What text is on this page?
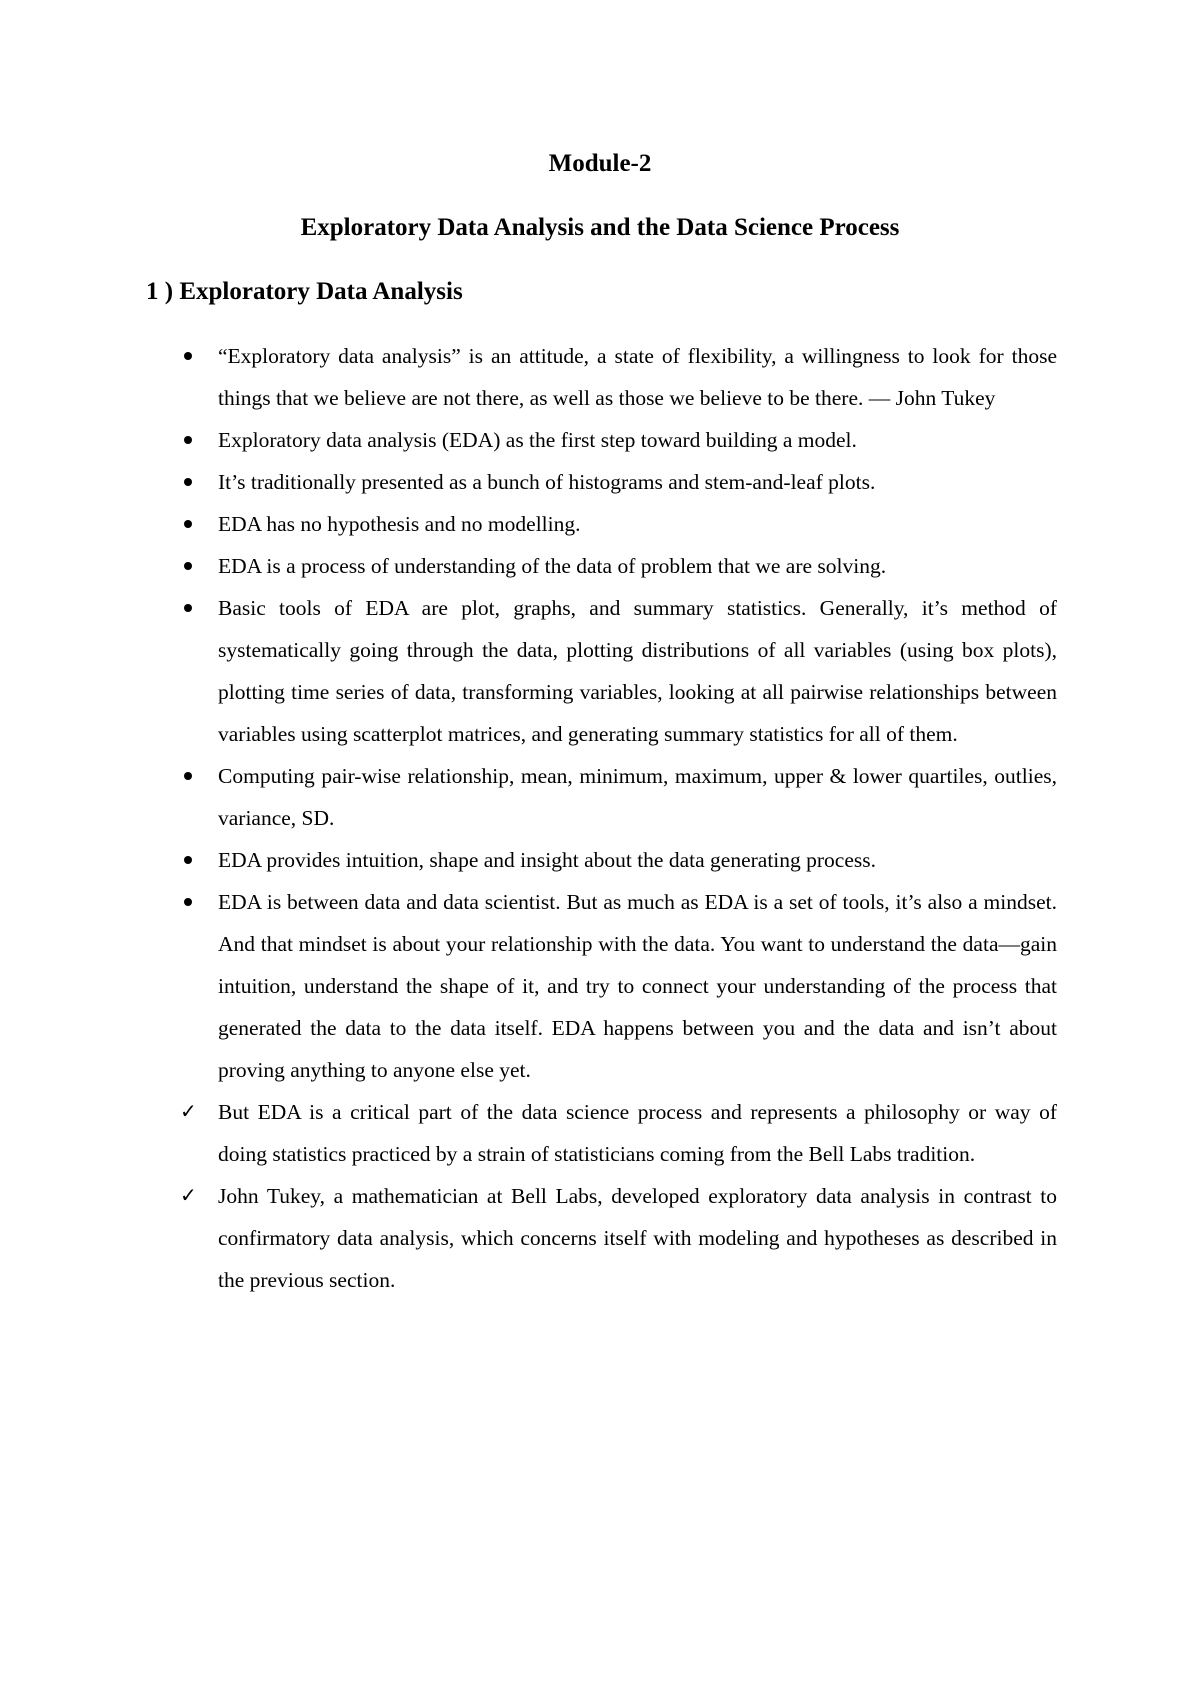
Module-2
Exploratory Data Analysis and the Data Science Process
1 ) Exploratory Data Analysis
“Exploratory data analysis” is an attitude, a state of flexibility, a willingness to look for those things that we believe are not there, as well as those we believe to be there. — John Tukey
Exploratory data analysis (EDA) as the first step toward building a model.
It’s traditionally presented as a bunch of histograms and stem-and-leaf plots.
EDA has no hypothesis and no modelling.
EDA is a process of understanding of the data of problem that we are solving.
Basic tools of EDA are plot, graphs, and summary statistics. Generally, it’s method of systematically going through the data, plotting distributions of all variables (using box plots), plotting time series of data, transforming variables, looking at all pairwise relationships between variables using scatterplot matrices, and generating summary statistics for all of them.
Computing pair-wise relationship, mean, minimum, maximum, upper & lower quartiles, outlies, variance, SD.
EDA provides intuition, shape and insight about the data generating process.
EDA is between data and data scientist. But as much as EDA is a set of tools, it’s also a mindset. And that mindset is about your relationship with the data. You want to understand the data—gain intuition, understand the shape of it, and try to connect your understanding of the process that generated the data to the data itself. EDA happens between you and the data and isn’t about proving anything to anyone else yet.
✓ But EDA is a critical part of the data science process and represents a philosophy or way of doing statistics practiced by a strain of statisticians coming from the Bell Labs tradition.
✓ John Tukey, a mathematician at Bell Labs, developed exploratory data analysis in contrast to confirmatory data analysis, which concerns itself with modeling and hypotheses as described in the previous section.
